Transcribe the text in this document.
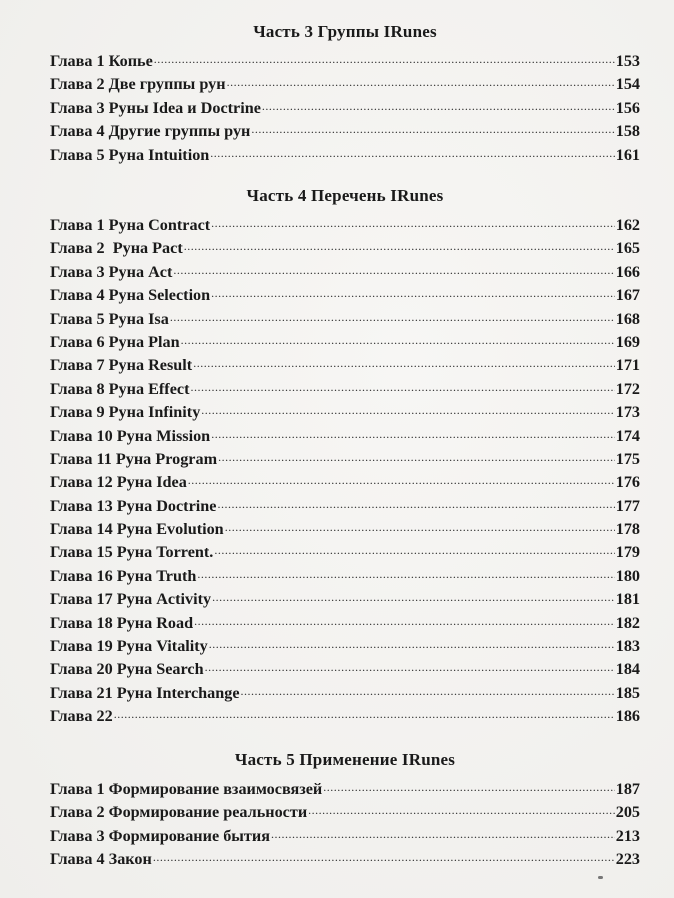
Часть 3 Группы IRunes
Глава 1 Копье .....	153
Глава 2 Две группы рун .....	154
Глава 3 Руны Idea и Doctrine .....	156
Глава 4 Другие группы рун .....	158
Глава 5 Руна Intuition .....	161
Часть 4 Перечень IRunes
Глава 1 Руна Contract .....	162
Глава 2  Руна Pact .....	165
Глава 3 Руна Act .....	166
Глава 4 Руна Selection .....	167
Глава 5 Руна Isa .....	168
Глава 6 Руна Plan .....	169
Глава 7 Руна Result .....	171
Глава 8 Руна Effect .....	172
Глава 9 Руна Infinity .....	173
Глава 10 Руна Mission .....	174
Глава 11 Руна Program .....	175
Глава 12 Руна Idea .....	176
Глава 13 Руна Doctrine .....	177
Глава 14 Руна Evolution .....	178
Глава 15 Руна Torrent. .....	179
Глава 16 Руна Truth .....	180
Глава 17 Руна Activity .....	181
Глава 18 Руна Road .....	182
Глава 19 Руна Vitality .....	183
Глава 20 Руна Search .....	184
Глава 21 Руна Interchange .....	185
Глава 22 .....	186
Часть 5 Применение IRunes
Глава 1 Формирование взаимосвязей .....	187
Глава 2 Формирование реальности .....	205
Глава 3 Формирование бытия .....	213
Глава 4 Закон .....	223
